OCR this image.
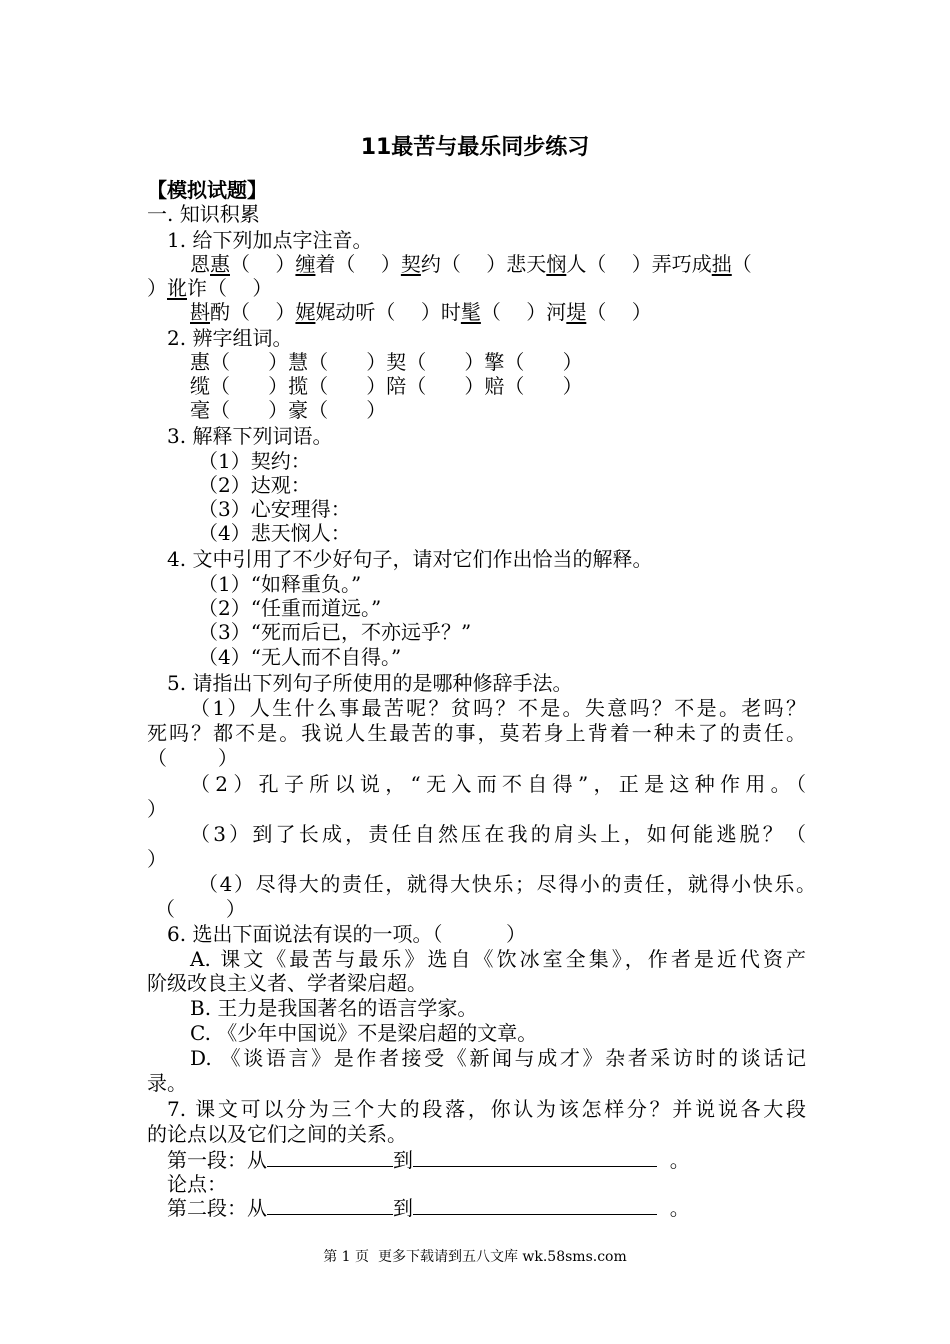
11最苦与最乐同步练习
【模拟试题】
一. 知识积累
1. 给下列加点字注音。
恩惠（    ）缠着（    ）契约（    ）悲天悯人（    ）弄巧成拙（
）讹诈（    ）
斟酌（    ）娓娓动听（    ）时髦（    ）河堤（    ）
2. 辨字组词。
惠（      ）慧（      ）契（      ）擎（      ）
缆（      ）揽（      ）陪（      ）赔（      ）
毫（      ）豪（      ）
3. 解释下列词语。
（1）契约：
（2）达观：
（3）心安理得：
（4）悲天悯人：
4. 文中引用了不少好句子，请对它们作出恰当的解释。
（1）“如释重负。”
（2）“任重而道远。”
（3）“死而后已，不亦远乎？”
（4）“无人而不自得。”
5. 请指出下列句子所使用的是哪种修辞手法。
（1）人生什么事最苦呢？贫吗？不是。失意吗？不是。老吗？
死吗？都不是。我说人生最苦的事，莫若身上背着一种未了的责任。
（        ）
（2）孔子所以说，“无入而不自得”，正是这种作用。（
）
（3）到了长成，责任自然压在我的肩头上，如何能逃脱？（
）
（4）尽得大的责任，就得大快乐；尽得小的责任，就得小快乐。
（        ）
6. 选出下面说法有误的一项。（          ）
A. 课文《最苦与最乐》选自《饮冰室全集》，作者是近代资产
阶级改良主义者、学者梁启超。
B. 王力是我国著名的语言学家。
C. 《少年中国说》不是梁启超的文章。
D. 《谈语言》是作者接受《新闻与成才》杂者采访时的谈话记
录。
7. 课文可以分为三个大的段落，你认为该怎样分？并说说各大段
的论点以及它们之间的关系。
第一段：从	到	。
论点：
第二段：从	到	。
第 1 页  更多下载请到五八文库 wk.58sms.com
